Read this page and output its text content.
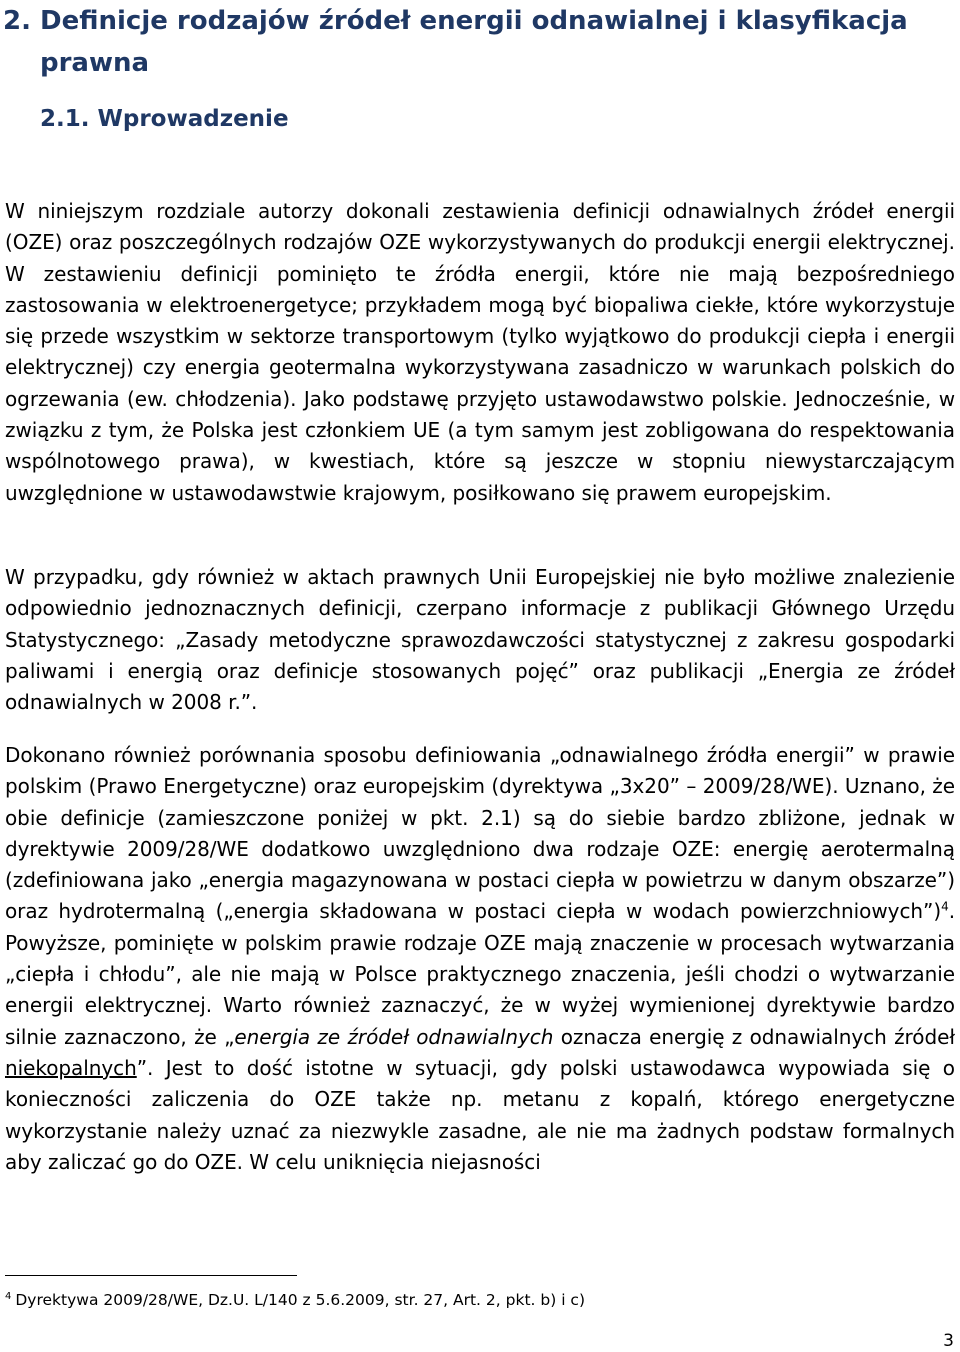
2. Definicje rodzajów źródeł energii odnawialnej i klasyfikacja
prawna
2.1. Wprowadzenie

W niniejszym rozdziale autorzy dokonali zestawienia definicji odnawialnych źródeł energii (OZE) oraz poszczególnych rodzajów OZE wykorzystywanych do produkcji energii elektrycznej. W zestawieniu definicji pominięto te źródła energii, które nie mają bezpośredniego zastosowania w elektroenergetyce; przykładem mogą być biopaliwa ciekłe, które wykorzystuje się przede wszystkim w sektorze transportowym (tylko wyjątkowo do produkcji ciepła i energii elektrycznej) czy energia geotermalna wykorzystywana zasadniczo w warunkach polskich do ogrzewania (ew. chłodzenia). Jako podstawę przyjęto ustawodawstwo polskie. Jednocześnie, w związku z tym, że Polska jest członkiem UE (a tym samym jest zobligowana do respektowania wspólnotowego prawa), w kwestiach, które są jeszcze w stopniu niewystarczającym uwzględnione w ustawodawstwie krajowym, posiłkowano się prawem europejskim.

W przypadku, gdy również w aktach prawnych Unii Europejskiej nie było możliwe znalezienie odpowiednio jednoznacznych definicji, czerpano informacje z publikacji Głównego Urzędu Statystycznego: „Zasady metodyczne sprawozdawczości statystycznej z zakresu gospodarki paliwami i energią oraz definicje stosowanych pojęć” oraz publikacji „Energia ze źródeł odnawialnych w 2008 r.”.

Dokonano również porównania sposobu definiowania „odnawialnego źródła energii” w prawie polskim (Prawo Energetyczne) oraz europejskim (dyrektywa „3x20” – 2009/28/WE). Uznano, że obie definicje (zamieszczone poniżej w pkt. 2.1) są do siebie bardzo zbliżone, jednak w dyrektywie 2009/28/WE dodatkowo uwzględniono dwa rodzaje OZE: energię aerotermalną (zdefiniowana jako „energia magazynowana w postaci ciepła w powietrzu w danym obszarze”) oraz hydrotermalną („energia składowana w postaci ciepła w wodach powierzchniowych”)$^4$. Powyższe, pominięte w polskim prawie rodzaje OZE mają znaczenie w procesach wytwarzania „ciepła i chłodu”, ale nie mają w Polsce praktycznego znaczenia, jeśli chodzi o wytwarzanie energii elektrycznej. Warto również zaznaczyć, że w wyżej wymienionej dyrektywie bardzo silnie zaznaczono, że „energia ze źródeł odnawialnych oznacza energię z odnawialnych źródeł niekopalnych”. Jest to dość istotne w sytuacji, gdy polski ustawodawca wypowiada się o konieczności zaliczenia do OZE także np. metanu z kopalń, którego energetyczne wykorzystanie należy uznać za niezwykle zasadne, ale nie ma żadnych podstaw formalnych aby zaliczać go do OZE. W celu uniknięcia niejasności

$^4$ Dyrektywa 2009/28/WE, Dz.U. L/140 z 5.6.2009, str. 27, Art. 2, pkt. b) i c)

3
